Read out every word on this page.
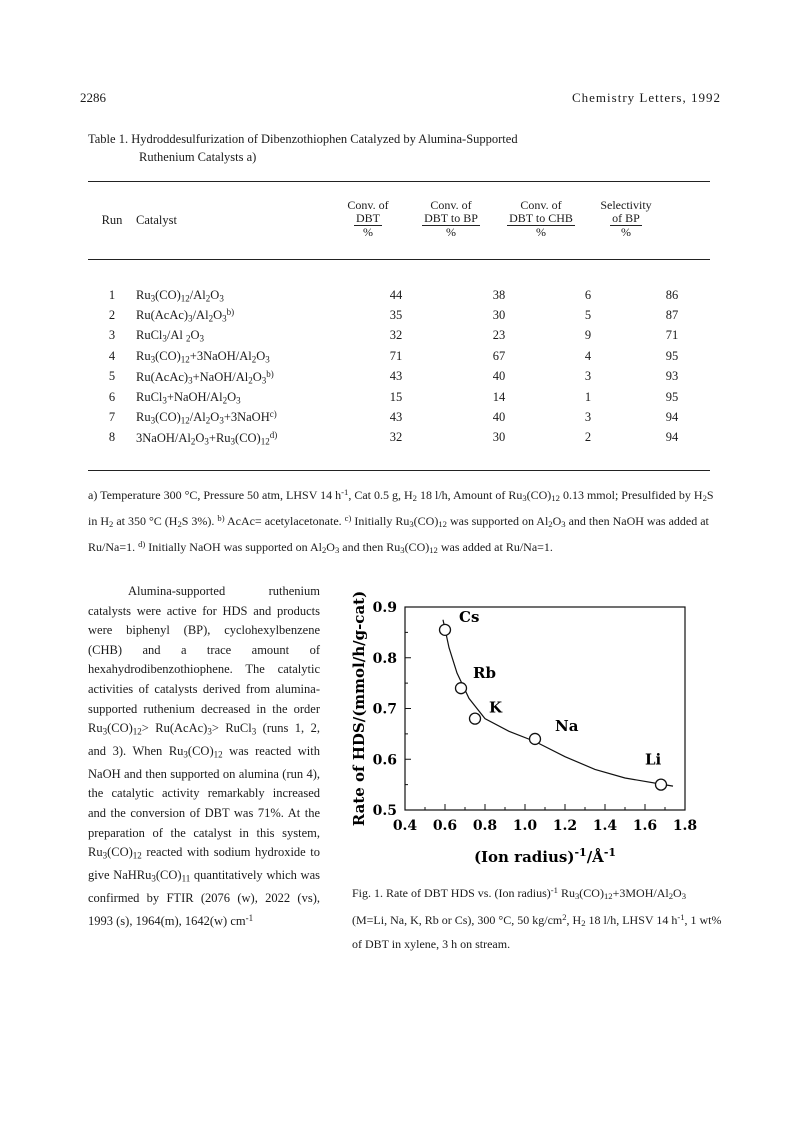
2286	Chemistry Letters, 1992
Table 1. Hydroddesulfurization of Dibenzothiophen Catalyzed by Alumina-Supported
Ruthenium Catalysts a)
Run	Catalyst
Conv. of
DBT
%
Conv. of
DBT to BP
%
Conv. of
DBT to CHB
%
Selectivity
of BP
%
1	$Ru_3(CO)_{12}/Al_2O_3$	44	38	6	86
2	$Ru(AcAc)_3/Al_2O_3^{b)}$	35	30	5	87
3	RuCl$_3$/Al $_2O_3$	32	23	9	71
4	$Ru_3(CO)_{12}+3NaOH/Al_2O_3$	71	67	4	95
5	$Ru(AcAc)_3+NaOH/Al_2O_3^{b)}$	43	40	3	93
6	$RuCl_3+NaOH/Al_2O_3$	15	14	1	95
7	$Ru_3(CO)_{12}/Al_2O_3+3NaOH^{c)}$	43	40	3	94
8	$3NaOH/Al_2O_3+Ru_3(CO)_{12}^{d)}$	32	30	2	94
a) Temperature 300 °C, Pressure 50 atm, LHSV 14 $h^{-1}$, Cat 0.5 g, $H_2$ 18 l/h, Amount of $Ru_3(CO)_{12}$ 0.13 mmol; Presulfided by $H_2S$ in $H_2$ at 350 °C ($H_2S$ 3%). $^{b)}$ AcAc= acetylacetonate. $^{c)}$ Initially $Ru_3(CO)_{12}$ was supported on $Al_2O_3$ and then NaOH was added at Ru/Na=1. $^{d)}$ Initially NaOH was supported on $Al_2O_3$ and then $Ru_3(CO)_{12}$ was added at Ru/Na=1.

Alumina-supported ruthenium catalysts were active for HDS and products were biphenyl (BP), cyclohexylbenzene (CHB) and a trace amount of hexahydrodibenzothiophene. The catalytic activities of catalysts derived from alumina-supported ruthenium decreased in the order $Ru_3(CO)_{12}>$ $Ru(AcAc)_3>$ RuCl$_3$ (runs 1, 2, and 3). When $Ru_3(CO)_{12}$ was reacted with NaOH and then supported on alumina (run 4), the catalytic activity remarkably increased and the conversion of DBT was 71%. At the preparation of the catalyst in this system, $Ru_3(CO)_{12}$ reacted with sodium hydroxide to give $NaHRu_3(CO)_{11}$ quantitatively which was confirmed by FTIR (2076 (w), 2022 (vs), 1993 (s), 1964(m), 1642(w) $cm^{-1}$

0.4 0.6 0.8 1.0 1.2 1.4 1.6 1.8
0.5
0.6
0.7
0.8
0.9	Cs
Rb
K
Na
Li
(Ion $radius)^{-1}/Å^{-1}$
Rate of HDS/(mmol/h/g-cat)
Fig. 1. Rate of DBT HDS vs. (Ion radius)$^{-1}$ $Ru_3(CO)_{12}+3MOH/Al_2O_3$ (M=Li, Na, K, Rb or Cs), 300 °C, 50 $kg/cm^2$, $H_2$ 18 l/h, LHSV 14 $h^{-1}$, 1 wt% of DBT in xylene, 3 h on stream.
